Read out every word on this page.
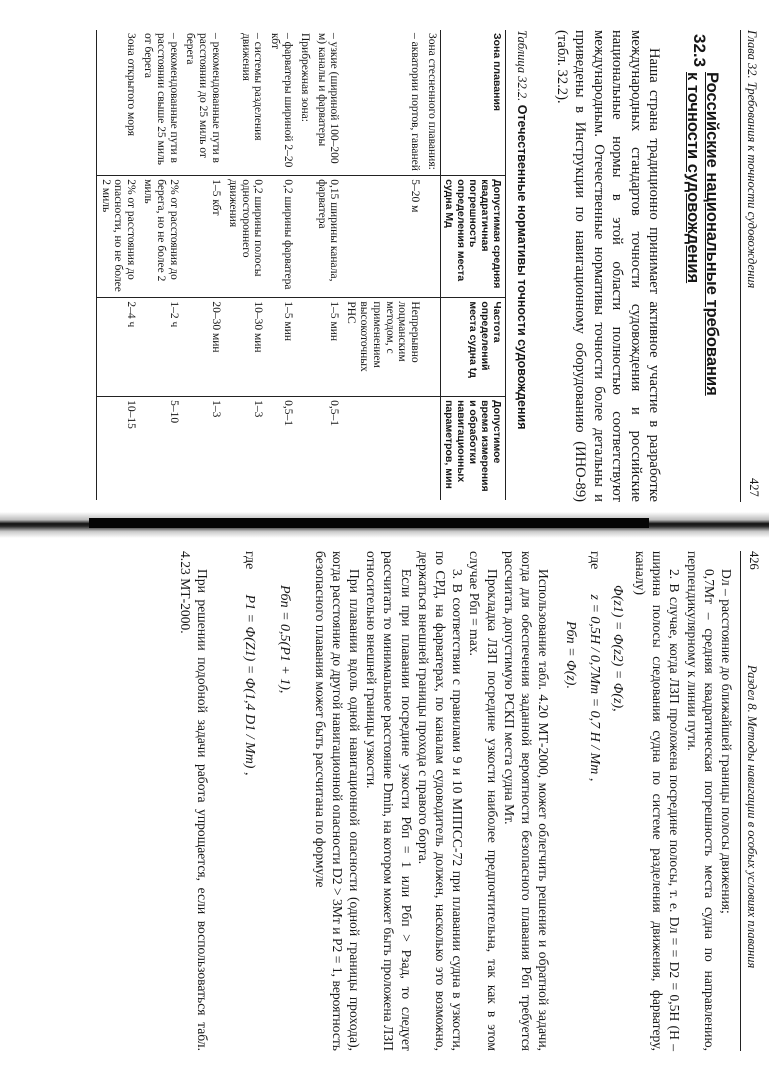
Глава 32. Требования к точности судовождения
427
32.3
Российские национальные требования
к точности судовождения

Наша страна традиционно принимает активное участие в разработке международных стандартов точности судовождения и российские национальные нормы в этой области полностью соответствуют международным. Отечественные нормативы точности более детальны и приведены в Инструкции по навигационному оборудованию (ИНО-89) (табл. 32.2).

Таблица 32.2. Отечественные нормативы точности судовождения
Зона плавания	Допустимая средняя квадратичная погрешность определения места судна Мд	Частота определений места судна tд	Допустимое время измерения и обработки навигационных параметров, мин
Зона стесненного плавания:			
– акватории портов, гаваней	5–20 м	Непрерывно лоцманским методом, с применением высокоточных РНС	
– узкие (шириной 100–200 м) каналы и фарватеры	0,15 ширины канала, фарватера	1–5 мин	0,5–1
Прибрежная зона:			
– фарватеры шириной 2–20 кбт	0,2 ширины фарватера	1–5 мин	0,5–1
– системы разделения движения	0,2 ширины полосы одностороннего движения	10–30 мин	1–3
– рекомендованные пути в расстоянии до 25 миль от берега	1–5 кбт	20–30 мин	1–3
– рекомендованные пути в расстоянии свыше 25 миль от берега	2% от расстояния до берега, но не более 2 миль	1–2 ч	5–10
Зона открытого моря	2% от расстояния до опасности, но не более 2 миль	2–4 ч	10–15
426
Раздел 8. Методы навигации в особых условиях плавания

Dл – расстояние до ближайшей границы полосы движения;

0,7Mт – средняя квадратическая погрешность места судна по направлению, перпендикулярному к линии пути.

2. В случае, когда ЛЗП проложена посредине полосы, т. е. Dл = = D2 = 0,5H (H – ширина полосы следования судна по системе разделения движения, фарватеру, каналу)

Φ(z1) = Φ(z2) = Φ(z),
где z = 0,5H / 0,7Mт = 0,7 H / Mт ,
Pбп = Φ(z).

Использование табл. 4.20 МТ-2000, может облегчить решение и обратной задачи, когда для обеспечения заданной вероятности безопасного плавания Pбп требуется рассчитать допустимую РСКП места судна Mт.

Прокладка ЛЗП посредине узкости наиболее предпочтительна, так как в этом случае Pбп = max.

3. В соответствии с правилами 9 и 10 МППСС-72 при плавании судна в узкости, по СРД, на фарватерах, по каналам судоводитель должен, насколько это возможно, держаться внешней границы прохода с правого борта.

Если при плавании посредине узкости Pбп = 1 или Pбп > Pзад, то следует рассчитать то минимальное расстояние Dmin, на котором может быть проложена ЛЗП относительно внешней границы узкости.

При плавании вдоль одной навигационной опасности (одной границы прохода), когда расстояние до другой навигационной опасности D2 > 3Mт и P2 = 1, вероятность безопасного плавания может быть рассчитана по формуле

Pбп = 0,5(P1 + 1),
где P1 = Φ(Z1) = Φ(1,4 D1 / Mт) ,

При решении подобной задачи работа упрощается, если воспользоваться табл. 4.23 МТ-2000.
